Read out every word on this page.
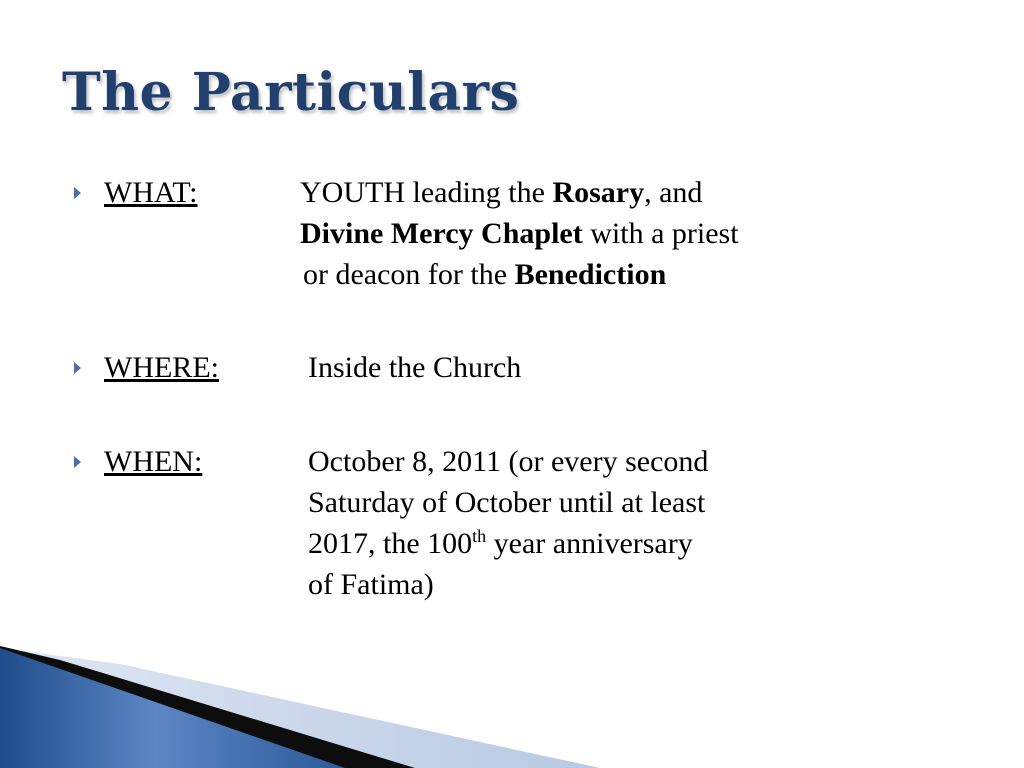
The Particulars
WHAT:	YOUTH leading the Rosary, and
Divine Mercy Chaplet with a priest
or deacon for the Benediction
WHERE:	Inside the Church
WHEN:	October 8, 2011 (or every second
Saturday of October until at least
2017, the 100th year anniversary
of Fatima)
